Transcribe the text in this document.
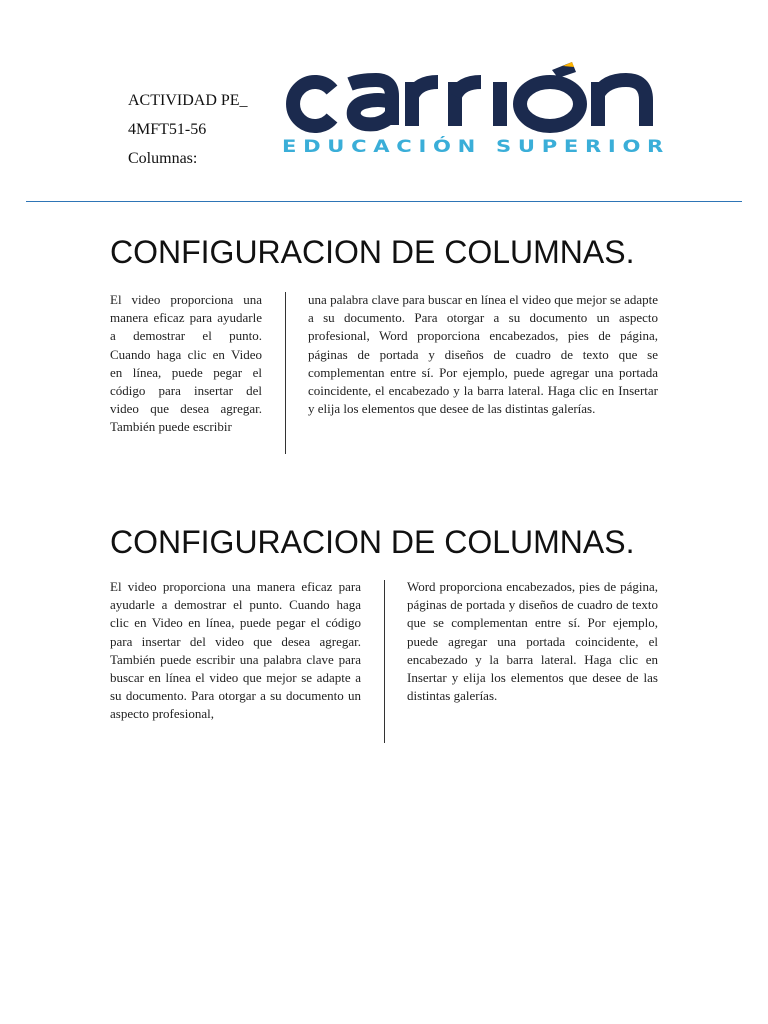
ACTIVIDAD PE_
4MFT51-56
Columnas:
EDUCACIÓN SUPERIOR
CONFIGURACION DE COLUMNAS.
El video proporciona una manera eficaz para ayudarle a demostrar el punto. Cuando haga clic en Video en línea, puede pegar el código para insertar del video que desea agregar. También puede escribir
una palabra clave para buscar en línea el video que mejor se adapte a su documento. Para otorgar a su documento un aspecto profesional, Word proporciona encabezados, pies de página, páginas de portada y diseños de cuadro de texto que se complementan entre sí. Por ejemplo, puede agregar una portada coincidente, el encabezado y la barra lateral. Haga clic en Insertar y elija los elementos que desee de las distintas galerías.
CONFIGURACION DE COLUMNAS.
El video proporciona una manera eficaz para ayudarle a demostrar el punto. Cuando haga clic en Video en línea, puede pegar el código para insertar del video que desea agregar. También puede escribir una palabra clave para buscar en línea el video que mejor se adapte a su documento. Para otorgar a su documento un aspecto profesional,
Word proporciona encabezados, pies de página, páginas de portada y diseños de cuadro de texto que se complementan entre sí. Por ejemplo, puede agregar una portada coincidente, el encabezado y la barra lateral. Haga clic en Insertar y elija los elementos que desee de las distintas galerías.
